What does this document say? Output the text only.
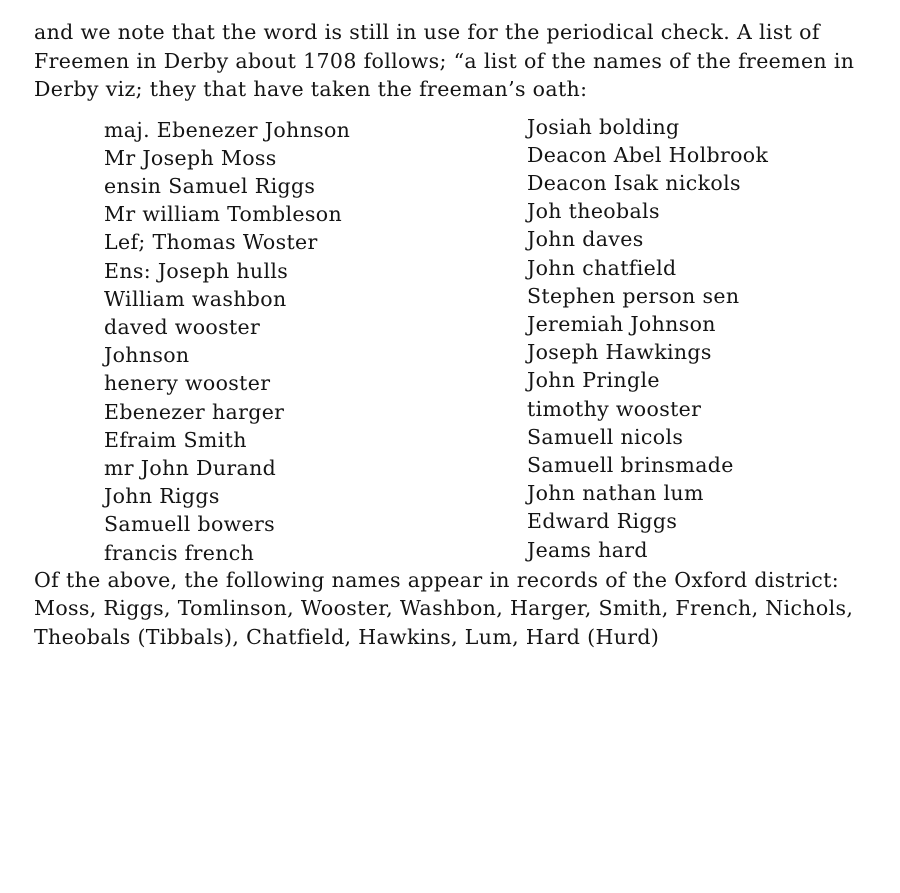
and we note that the word is still in use for the periodical check. A list of Freemen in Derby about 1708 follows; “a list of the names of the freemen in Derby viz; they that have taken the freeman’s oath:

maj. Ebenezer Johnson
Mr Joseph Moss
ensin Samuel Riggs
Mr william Tombleson
Lef; Thomas Woster
Ens: Joseph hulls
William washbon
daved wooster
Johnson
henery wooster
Ebenezer harger
Efraim Smith
mr John Durand
John Riggs
Samuell bowers
francis french
Josiah bolding
Deacon Abel Holbrook
Deacon Isak nickols
Joh theobals
John daves
John chatfield
Stephen person sen
Jeremiah Johnson
Joseph Hawkings
John Pringle
timothy wooster
Samuell nicols
Samuell brinsmade
John nathan lum
Edward Riggs
Jeams hard

Of the above, the following names appear in records of the Oxford district: Moss, Riggs, Tomlinson, Wooster, Washbon, Harger, Smith, French, Nichols, Theobals (Tibbals), Chatfield, Hawkins, Lum, Hard (Hurd)
